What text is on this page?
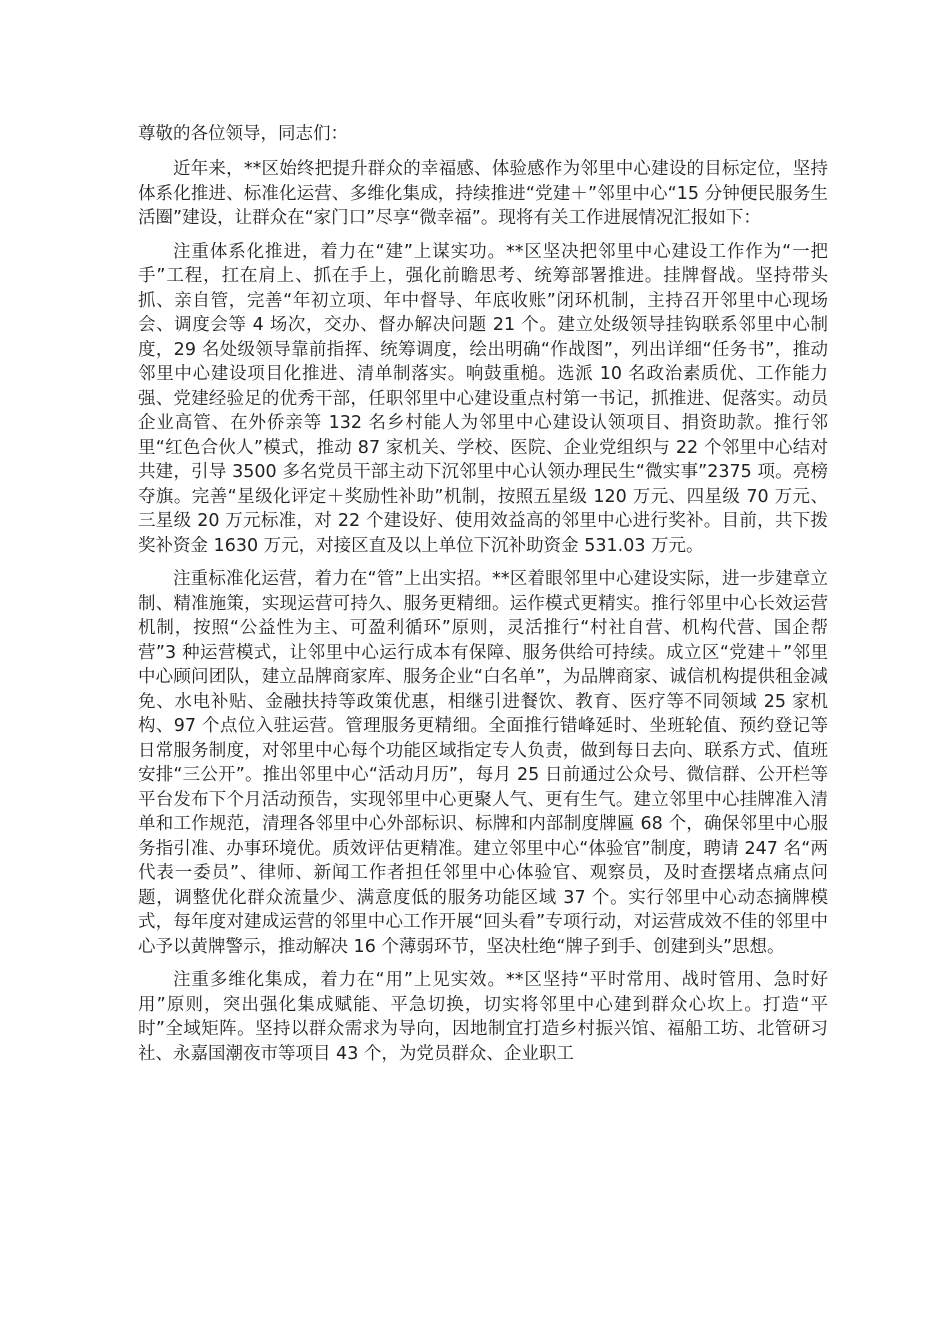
尊敬的各位领导，同志们：

近年来，**区始终把提升群众的幸福感、体验感作为邻里中心建设的目标定位，坚持体系化推进、标准化运营、多维化集成，持续推进“党建＋”邻里中心“15 分钟便民服务生活圈”建设，让群众在“家门口”尽享“微幸福”。现将有关工作进展情况汇报如下：

注重体系化推进，着力在“建”上谋实功。**区坚决把邻里中心建设工作作为“一把手”工程，扛在肩上、抓在手上，强化前瞻思考、统筹部署推进。挂牌督战。坚持带头抓、亲自管，完善“年初立项、年中督导、年底收账”闭环机制，主持召开邻里中心现场会、调度会等 4 场次，交办、督办解决问题 21 个。建立处级领导挂钩联系邻里中心制度，29 名处级领导靠前指挥、统筹调度，绘出明确“作战图”，列出详细“任务书”，推动邻里中心建设项目化推进、清单制落实。响鼓重槌。选派 10 名政治素质优、工作能力强、党建经验足的优秀干部，任职邻里中心建设重点村第一书记，抓推进、促落实。动员企业高管、在外侨亲等 132 名乡村能人为邻里中心建设认领项目、捐资助款。推行邻里“红色合伙人”模式，推动 87 家机关、学校、医院、企业党组织与 22 个邻里中心结对共建，引导 3500 多名党员干部主动下沉邻里中心认领办理民生“微实事”2375 项。亮榜夺旗。完善“星级化评定＋奖励性补助”机制，按照五星级 120 万元、四星级 70 万元、三星级 20 万元标准，对 22 个建设好、使用效益高的邻里中心进行奖补。目前，共下拨奖补资金 1630 万元，对接区直及以上单位下沉补助资金 531.03 万元。

注重标准化运营，着力在“管”上出实招。**区着眼邻里中心建设实际，进一步建章立制、精准施策，实现运营可持久、服务更精细。运作模式更精实。推行邻里中心长效运营机制，按照“公益性为主、可盈利循环”原则，灵活推行“村社自营、机构代营、国企帮营”3 种运营模式，让邻里中心运行成本有保障、服务供给可持续。成立区“党建＋”邻里中心顾问团队，建立品牌商家库、服务企业“白名单”，为品牌商家、诚信机构提供租金减免、水电补贴、金融扶持等政策优惠，相继引进餐饮、教育、医疗等不同领域 25 家机构、97 个点位入驻运营。管理服务更精细。全面推行错峰延时、坐班轮值、预约登记等日常服务制度，对邻里中心每个功能区域指定专人负责，做到每日去向、联系方式、值班安排“三公开”。推出邻里中心“活动月历”，每月 25 日前通过公众号、微信群、公开栏等平台发布下个月活动预告，实现邻里中心更聚人气、更有生气。建立邻里中心挂牌准入清单和工作规范，清理各邻里中心外部标识、标牌和内部制度牌匾 68 个，确保邻里中心服务指引准、办事环境优。质效评估更精准。建立邻里中心“体验官”制度，聘请 247 名“两代表一委员”、律师、新闻工作者担任邻里中心体验官、观察员，及时查摆堵点痛点问题，调整优化群众流量少、满意度低的服务功能区域 37 个。实行邻里中心动态摘牌模式，每年度对建成运营的邻里中心工作开展“回头看”专项行动，对运营成效不佳的邻里中心予以黄牌警示，推动解决 16 个薄弱环节，坚决杜绝“牌子到手、创建到头”思想。

注重多维化集成，着力在“用”上见实效。**区坚持“平时常用、战时管用、急时好用”原则，突出强化集成赋能、平急切换，切实将邻里中心建到群众心坎上。打造“平时”全域矩阵。坚持以群众需求为导向，因地制宜打造乡村振兴馆、福船工坊、北管研习社、永嘉国潮夜市等项目 43 个，为党员群众、企业职工
